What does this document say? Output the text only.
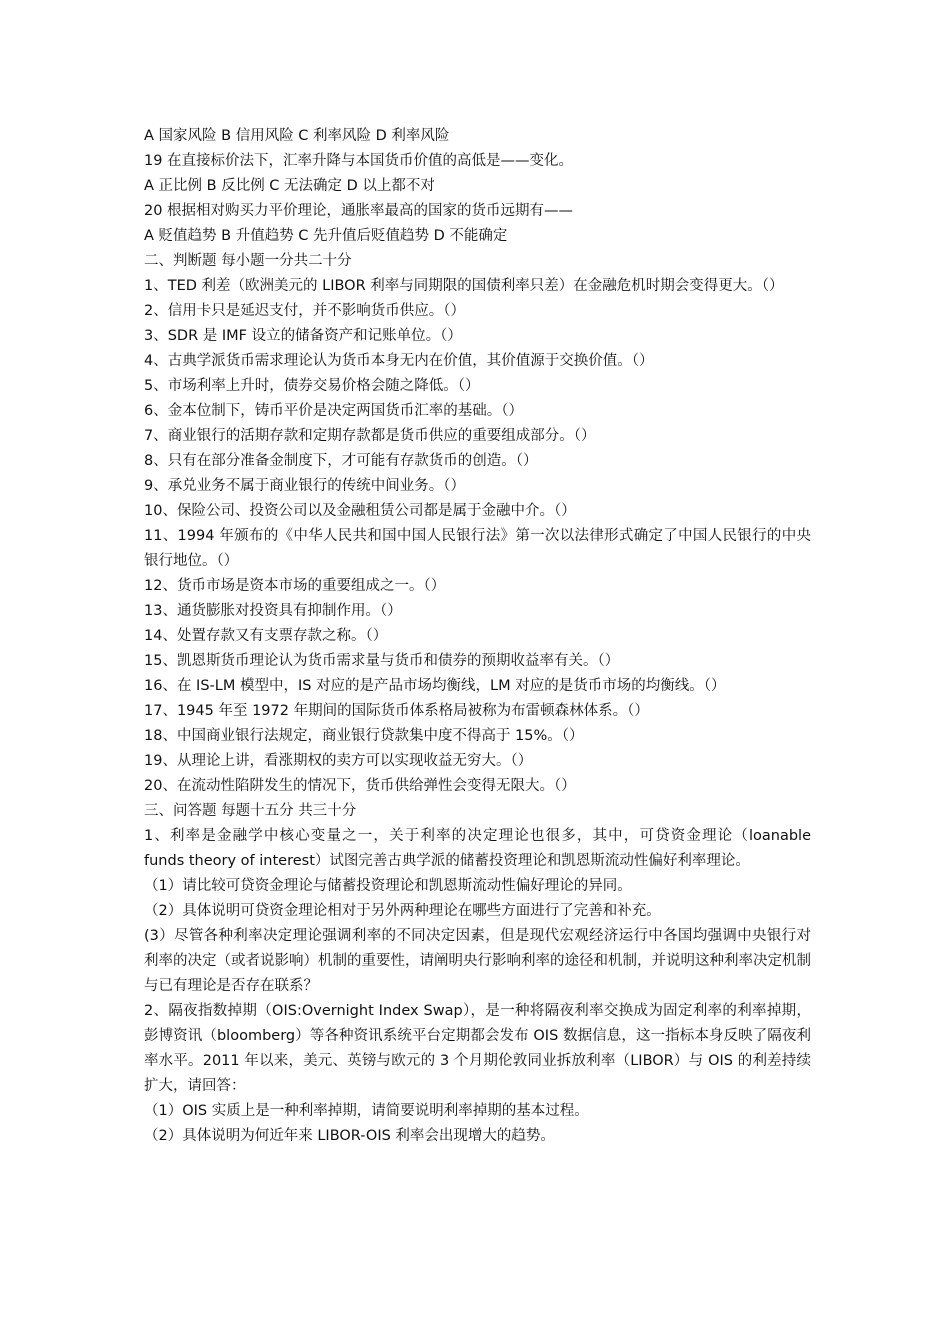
A 国家风险 B 信用风险 C 利率风险 D 利率风险
19 在直接标价法下，汇率升降与本国货币价值的高低是——变化。
A 正比例 B 反比例 C 无法确定 D 以上都不对
20 根据相对购买力平价理论，通胀率最高的国家的货币远期有——
A 贬值趋势 B 升值趋势 C 先升值后贬值趋势 D 不能确定
二、判断题 每小题一分共二十分
1、TED 利差（欧洲美元的 LIBOR 利率与同期限的国债利率只差）在金融危机时期会变得更大。（）
2、信用卡只是延迟支付，并不影响货币供应。（）
3、SDR 是 IMF 设立的储备资产和记账单位。（）
4、古典学派货币需求理论认为货币本身无内在价值，其价值源于交换价值。（）
5、市场利率上升时，债券交易价格会随之降低。（）
6、金本位制下，铸币平价是决定两国货币汇率的基础。（）
7、商业银行的活期存款和定期存款都是货币供应的重要组成部分。（）
8、只有在部分准备金制度下，才可能有存款货币的创造。（）
9、承兑业务不属于商业银行的传统中间业务。（）
10、保险公司、投资公司以及金融租赁公司都是属于金融中介。（）
11、1994 年颁布的《中华人民共和国中国人民银行法》第一次以法律形式确定了中国人民银行的中央银行地位。（）
12、货币市场是资本市场的重要组成之一。（）
13、通货膨胀对投资具有抑制作用。（）
14、处置存款又有支票存款之称。（）
15、凯恩斯货币理论认为货币需求量与货币和债券的预期收益率有关。（）
16、在 IS-LM 模型中，IS 对应的是产品市场均衡线，LM 对应的是货币市场的均衡线。（）
17、1945 年至 1972 年期间的国际货币体系格局被称为布雷顿森林体系。（）
18、中国商业银行法规定，商业银行贷款集中度不得高于 15%。（）
19、从理论上讲，看涨期权的卖方可以实现收益无穷大。（）
20、在流动性陷阱发生的情况下，货币供给弹性会变得无限大。（）
三、问答题 每题十五分 共三十分
1、利率是金融学中核心变量之一，关于利率的决定理论也很多，其中，可贷资金理论（loanable funds theory of interest）试图完善古典学派的储蓄投资理论和凯恩斯流动性偏好利率理论。
（1）请比较可贷资金理论与储蓄投资理论和凯恩斯流动性偏好理论的异同。
（2）具体说明可贷资金理论相对于另外两种理论在哪些方面进行了完善和补充。
(3）尽管各种利率决定理论强调利率的不同决定因素，但是现代宏观经济运行中各国均强调中央银行对利率的决定（或者说影响）机制的重要性，请阐明央行影响利率的途径和机制，并说明这种利率决定机制与已有理论是否存在联系？
2、隔夜指数掉期（OIS:Overnight Index Swap），是一种将隔夜利率交换成为固定利率的利率掉期，彭博资讯（bloomberg）等各种资讯系统平台定期都会发布 OIS 数据信息，这一指标本身反映了隔夜利率水平。2011 年以来，美元、英镑与欧元的 3 个月期伦敦同业拆放利率（LIBOR）与 OIS 的利差持续扩大，请回答：
（1）OIS 实质上是一种利率掉期，请简要说明利率掉期的基本过程。
（2）具体说明为何近年来 LIBOR-OIS 利率会出现增大的趋势。
